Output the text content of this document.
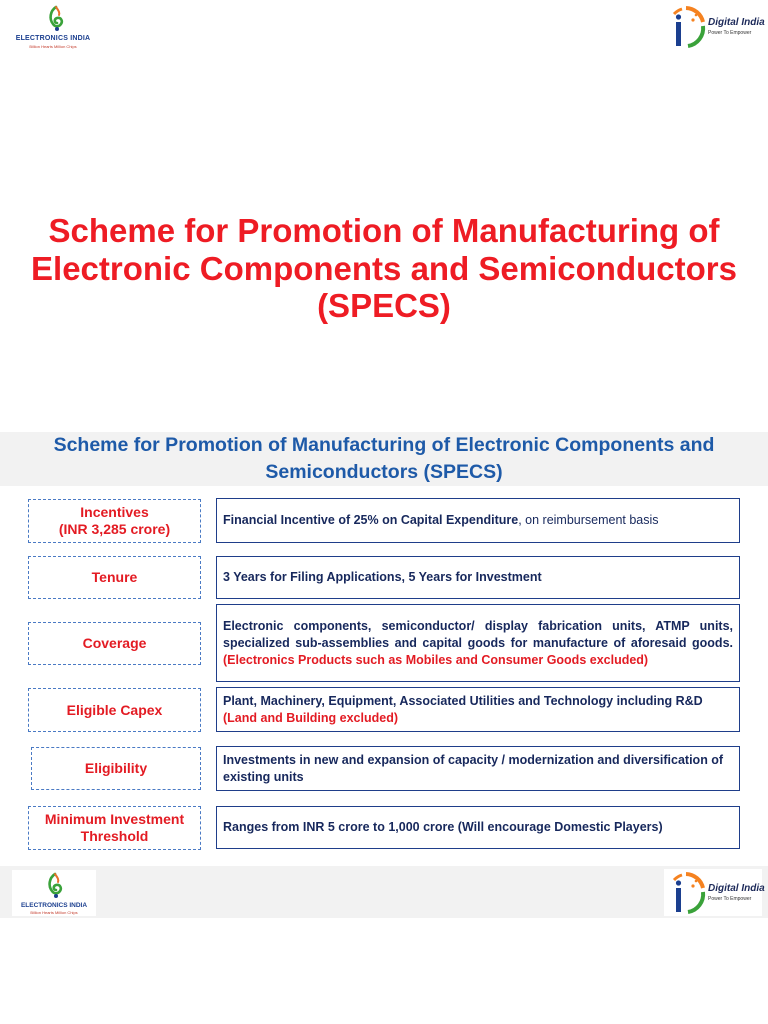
ELECTRONICS INDIA
Billion Hearts Million Chips
Digital India
Power To Empower
Scheme for Promotion of Manufacturing of Electronic Components and Semiconductors (SPECS)
Scheme for Promotion of Manufacturing of Electronic Components and Semiconductors (SPECS)
Incentives
(INR 3,285 crore)
Financial Incentive of 25% on Capital Expenditure, on reimbursement basis
Tenure	3 Years for Filing Applications, 5 Years for Investment
Coverage
Electronic components, semiconductor/ display fabrication units, ATMP units, specialized sub-assemblies and capital goods for manufacture of aforesaid goods. (Electronics Products such as Mobiles and Consumer Goods excluded)
Eligible Capex
Plant, Machinery, Equipment, Associated Utilities and Technology including R&D (Land and Building excluded)
Eligibility
Investments in new and expansion of capacity / modernization and diversification of existing units
Minimum Investment
Threshold
Ranges from INR 5 crore to 1,000 crore (Will encourage Domestic Players)
ELECTRONICS INDIA
Billion Hearts Million Chips
Digital India
Power To Empower
